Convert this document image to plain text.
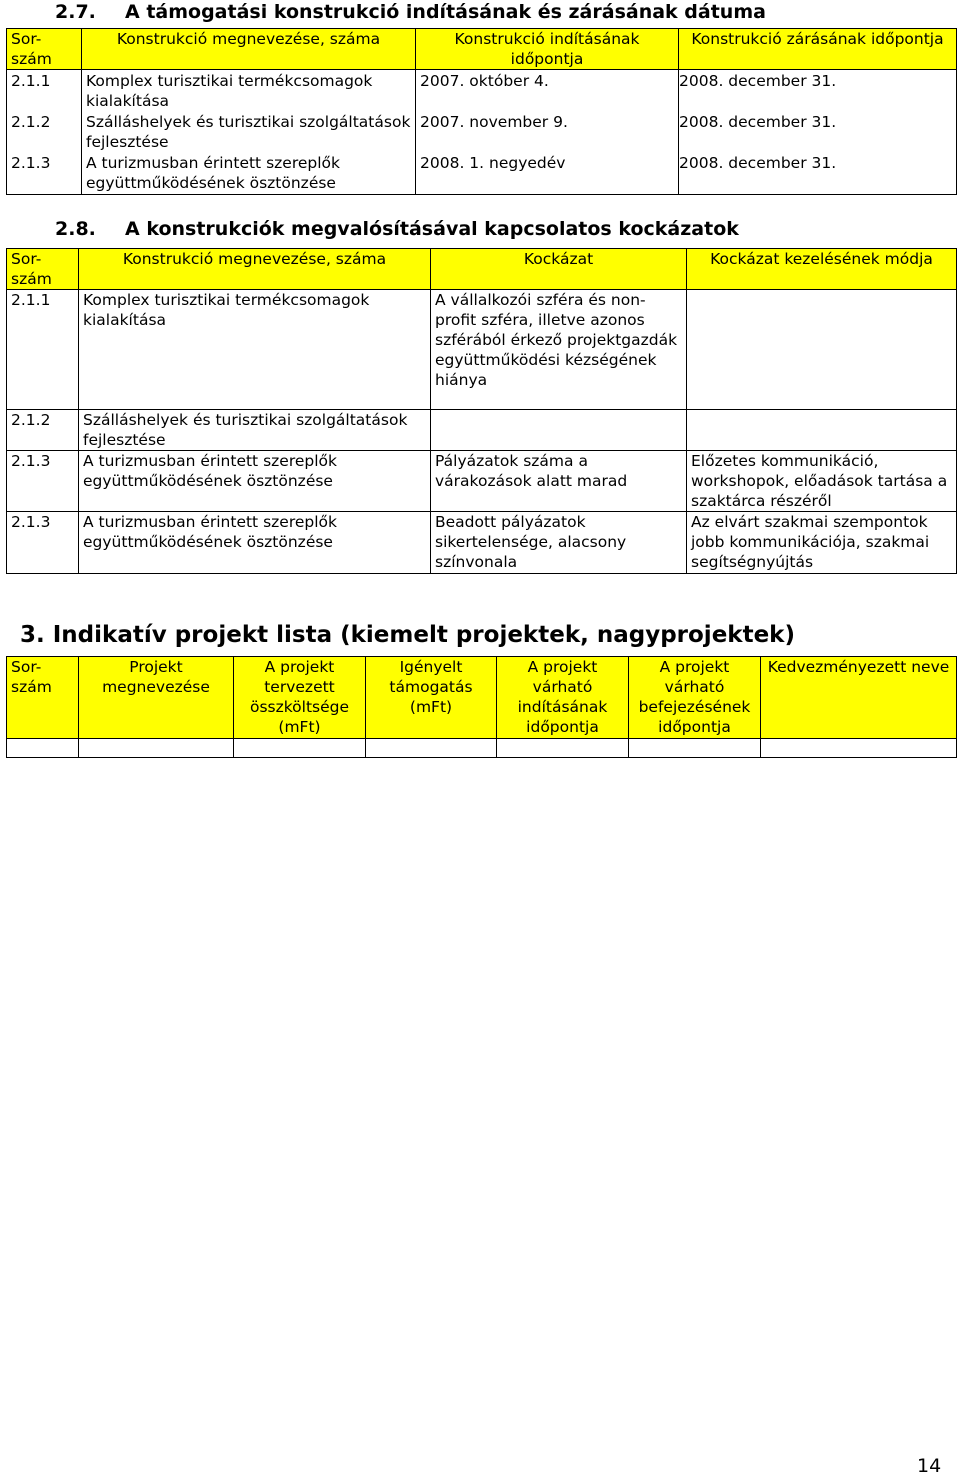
2.7. A támogatási konstrukció indításának és zárásának dátuma
Sor-
szám	Konstrukció megnevezése, száma	Konstrukció indításának időpontja	Konstrukció zárásának időpontja
2.1.1	Komplex turisztikai termékcsomagok kialakítása	2007. október 4.	2008. december 31.
2.1.2	Szálláshelyek és turisztikai szolgáltatások fejlesztése	2007. november 9.	2008. december 31.
2.1.3	A turizmusban érintett szereplők együttműködésének ösztönzése	2008. 1. negyedév	2008. december 31.
2.8. A konstrukciók megvalósításával kapcsolatos kockázatok
Sor-
szám	Konstrukció megnevezése, száma	Kockázat	Kockázat kezelésének módja
2.1.1	Komplex turisztikai termékcsomagok kialakítása	A vállalkozói szféra és non-profit szféra, illetve azonos szférából érkező projektgazdák együttműködési kézségének hiánya	
2.1.2	Szálláshelyek és turisztikai szolgáltatások fejlesztése		
2.1.3	A turizmusban érintett szereplők együttműködésének ösztönzése	Pályázatok száma a várakozások alatt marad	Előzetes kommunikáció, workshopok, előadások tartása a szaktárca részéről
2.1.3	A turizmusban érintett szereplők együttműködésének ösztönzése	Beadott pályázatok sikertelensége, alacsony színvonala	Az elvárt szakmai szempontok jobb kommunikációja, szakmai segítségnyújtás
3. Indikatív projekt lista (kiemelt projektek, nagyprojektek)
Sor-
szám	Projekt megnevezése	A projekt tervezett összköltsége (mFt)	Igényelt támogatás (mFt)	A projekt várható indításának időpontja	A projekt várható befejezésének időpontja	Kedvezményezett neve

14
